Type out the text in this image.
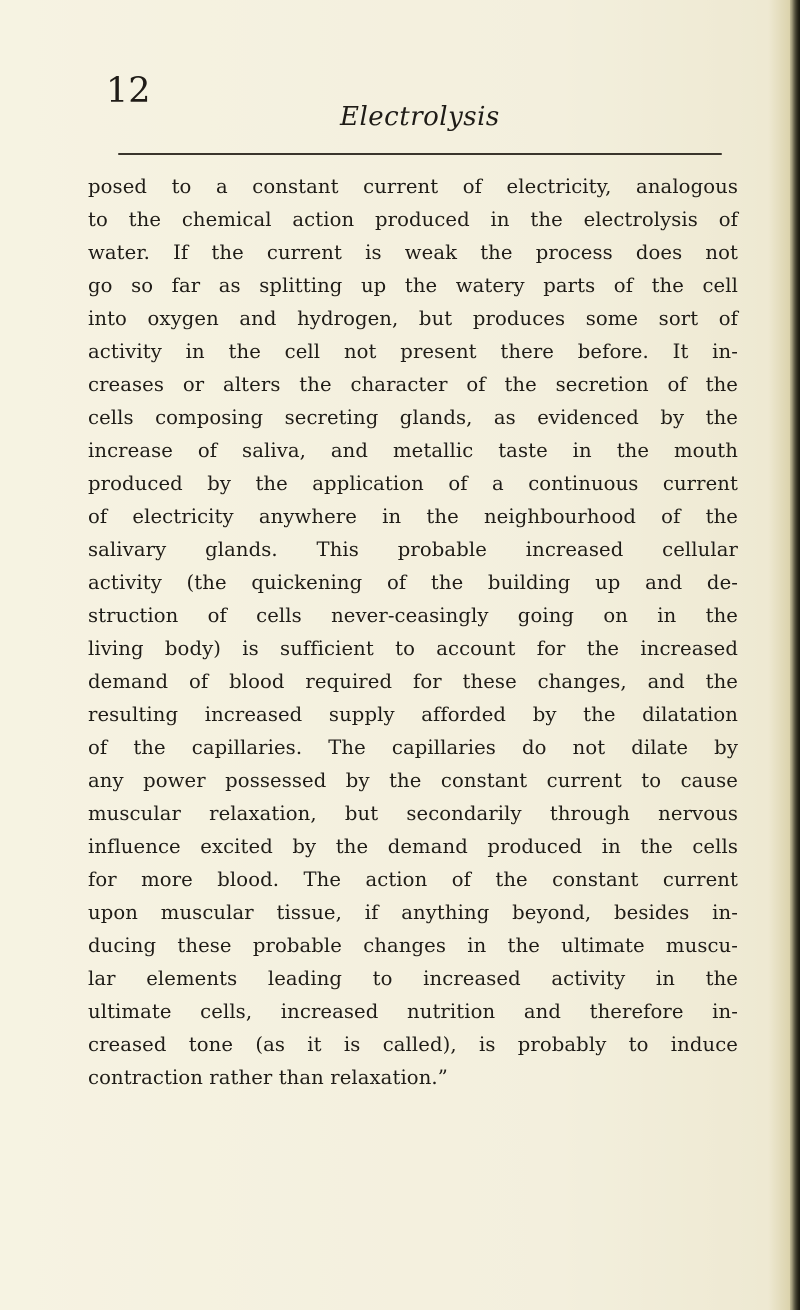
12
Electrolysis
posed to a constant current of electricity, analogous
to the chemical action produced in the electrolysis of
water. If the current is weak the process does not
go so far as splitting up the watery parts of the cell
into oxygen and hydrogen, but produces some sort of
activity in the cell not present there before. It in-
creases or alters the character of the secretion of the
cells composing secreting glands, as evidenced by the
increase of saliva, and metallic taste in the mouth
produced by the application of a continuous current
of electricity anywhere in the neighbourhood of the
salivary glands. This probable increased cellular
activity (the quickening of the building up and de-
struction of cells never-ceasingly going on in the
living body) is sufficient to account for the increased
demand of blood required for these changes, and the
resulting increased supply afforded by the dilatation
of the capillaries. The capillaries do not dilate by
any power possessed by the constant current to cause
muscular relaxation, but secondarily through nervous
influence excited by the demand produced in the cells
for more blood. The action of the constant current
upon muscular tissue, if anything beyond, besides in-
ducing these probable changes in the ultimate muscu-
lar elements leading to increased activity in the
ultimate cells, increased nutrition and therefore in-
creased tone (as it is called), is probably to induce
contraction rather than relaxation.”
